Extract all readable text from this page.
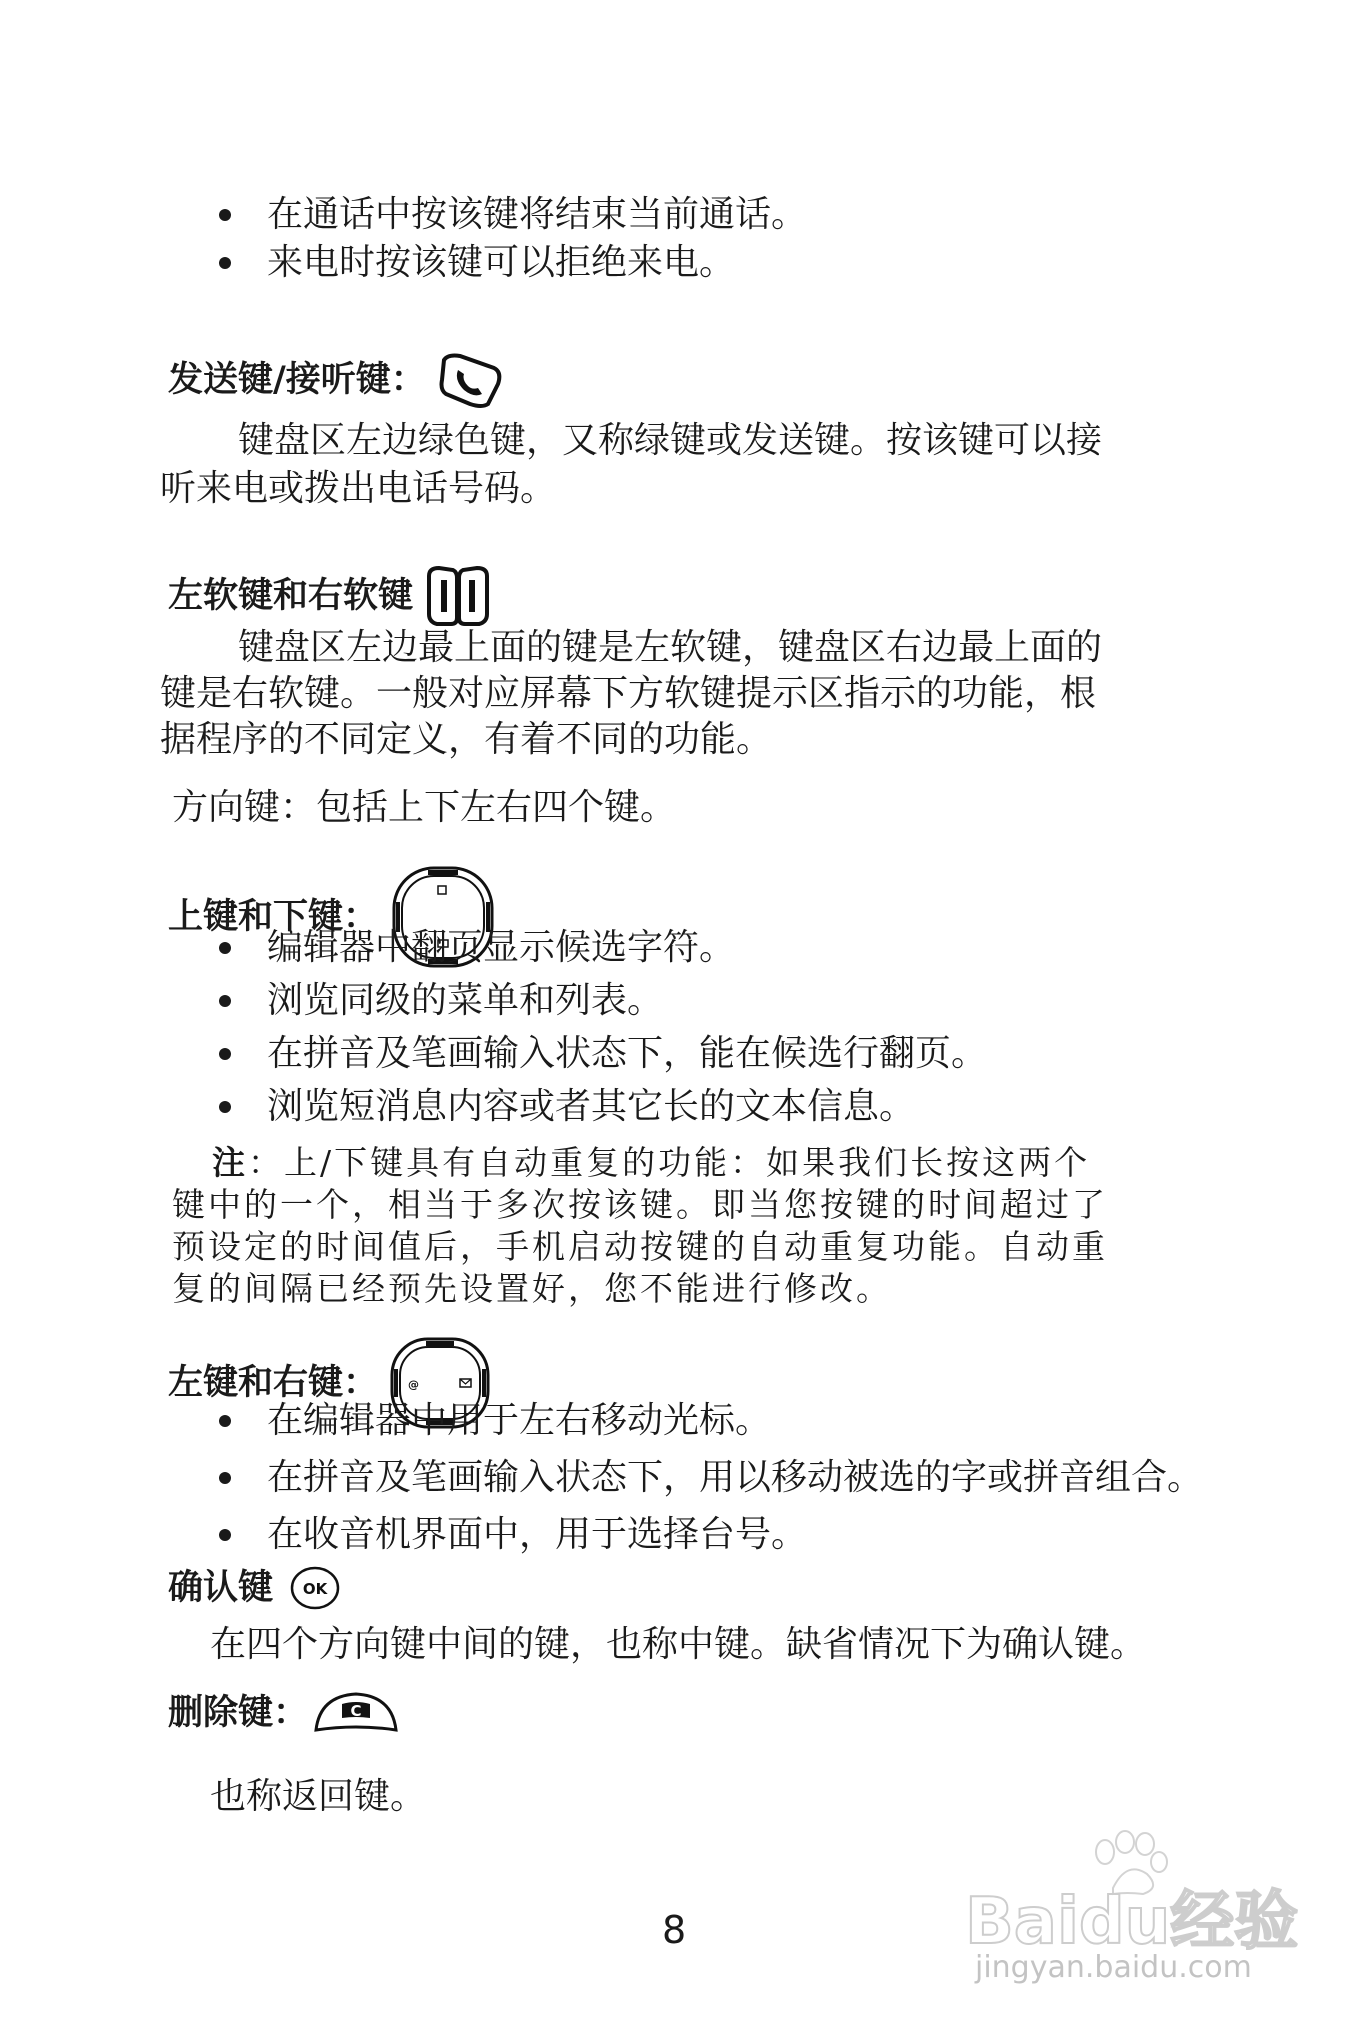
在通话中按该键将结束当前通话。
来电时按该键可以拒绝来电。
发送键/接听键：
键盘区左边绿色键，又称绿键或发送键。按该键可以接
听来电或拨出电话号码。
左软键和右软键
键盘区左边最上面的键是左软键，键盘区右边最上面的
键是右软键。一般对应屏幕下方软键提示区指示的功能，根
据程序的不同定义，有着不同的功能。
方向键：包括上下左右四个键。
上键和下键：
编辑器中翻页显示候选字符。
浏览同级的菜单和列表。
在拼音及笔画输入状态下，能在候选行翻页。
浏览短消息内容或者其它长的文本信息。
注：上/下键具有自动重复的功能：如果我们长按这两个
键中的一个，相当于多次按该键。即当您按键的时间超过了
预设定的时间值后，手机启动按键的自动重复功能。自动重
复的间隔已经预先设置好，您不能进行修改。
左键和右键：	@
在编辑器中用于左右移动光标。
在拼音及笔画输入状态下，用以移动被选的字或拼音组合。
在收音机界面中，用于选择台号。
确认键 OK
在四个方向键中间的键，也称中键。缺省情况下为确认键。
删除键：	C
也称返回键。
8	Baidu经验
jingyan.baidu.com
